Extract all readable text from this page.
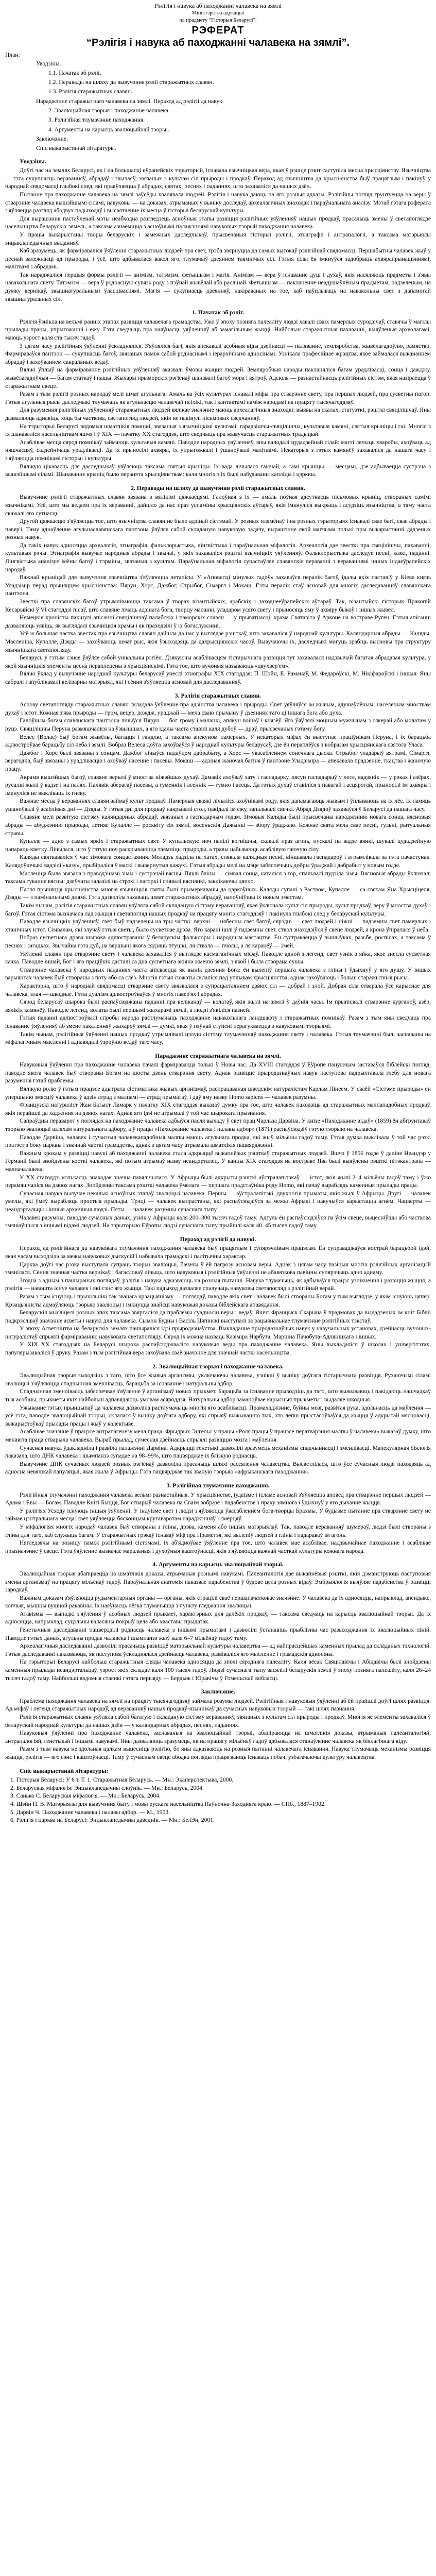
Рэлігія і навука аб паходжанні чалавека на зямлі

Міністэрства адукацыі

па прадмету "Гісторыя Беларусі".

РЭФЕРАТ

“Рэлігія і навука аб паходжанні чалавека на зямлі”.

План:

Уводзіны.

1.1. Пачатак эб рэліг.

1.2. Перавады на шляху да вывучэння рэліі старажытных славян.

1.3. Рэлігія старажытных славян.

Нараджэнне старажытнаго чалавека на зямлі. Пераход ад рэлігіі да навук.

2. Эвалюцыйная тэорыя і паходжанне чалавека.

3. Рэлігійная тлумачэнне паходжання.

4. Аргументы на карысць эвалюцыйнай тэорыі.

Заключэнне.

Спіс выкарыстанай літаратуры.

Уводзіны.

Доўгі час на землях Беларусі, як і на большасці еўрапейскіх тэрыторый, існавала язычніцкая вера, якая ў рэшце рэшт саступіла месца хрысціянству. Язычніцтва — гэта сукупнасць вераванняў, абрадаў і звычаяў, звязаных з культам сіл прыроды і продкаў. Пераход ад язычніцтва да хрысціянства быў працяглым і пакінуў у народнай свядомасці глыбокі след, які праяўляецца ў абрадах, святах, песнях і паданнях, што захаваліся да нашых дзён.

Пытанне пра паходжанне чалавека на зямлі заўсёды хвалявала людзей. Рэлігія і навука даюць на яго розныя адказы. Рэлігійны погляд грунтуецца на веры ў стварэнне чалавека вышэйшымі сіламі, навуковы — на доказах, атрыманых у выніку доследаў, археалагічных знаходак і параўнальнага аналізу. Мэтай гэтага рэферата з'яўляецца разгляд абодвух падыходаў і высвятленне іх месца ў гісторыі беларускай культуры.

Для вырашэння пастаўленай мэты неабходна разгледзець асноўныя этапы развіцця рэлігійных уяўленняў нашых продкаў, прасачыць змены ў светапоглядзе насельніцтва беларускіх зямель, а таксама азнаёміцца з асноўнымі палажэннямі навуковых тэорый паходжання чалавека.

У працы выкарыстаны творы беларускіх і замежных даследчыкаў, прысвечаныя гісторыі рэлігіі, этнаграфіі і антрапалогіі, а таксама матэрыялы энцыклапедычных выданняў.

Каб зразумець, як фарміраваліся ўяўленні старажытных людзей пра свет, трэба звярнуцца да самых вытокаў рэлігійнай свядомасці. Першабытны чалавек жыў у цеснай залежнасці ад прыроды, і ўсё, што адбывалася вакол яго, тлумачыў дзеяннем таямнічых сіл. Гэтыя сілы ён імкнуўся задобрыць ахвярапрынашэннямі, малітвамі і абрадамі.

Так нараджаліся першыя формы рэлігіі — анімізм, татэмізм, фетышызм і магія. Анімізм — вера ў існаванне душ і духаў, якія насяляюць прадметы і з'явы навакольнага свету. Татэмізм — вера ў роднасную сувязь роду з пэўнай жывёлай або раслінай. Фетышызм — пакланенне неадушаўлёным прадметам, надзеленым, на думку вернікаў, звышнатуральнымі ўласцівасцямі. Магія — сукупнасць дзеянняў, накіраваных на тое, каб паўплываць на навакольны свет з дапамогай звышнатуральных сіл.

1. Пачатак эб рэліг.

Рэлігія ўзнікла на вельмі ранніх этапах развіцця чалавечага грамадства. Ужо ў эпоху позняга палеаліту людзі хавалі сваіх памерлых суродзічаў, ставячы ў магілы прылады працы, упрыгожанні і ежу. Гэта сведчыць пра наяўнасць уяўленняў аб замагільным жыцці. Найбольш старажытныя пахаванні, выяўленыя археолагамі, маюць узрост каля ста тысяч гадоў.

З цягам часу рэлігійныя ўяўленні ўскладняліся. З'яўляліся багі, якія апекавалі асобныя віды дзейнасці — паляванне, земляробства, жывёлагадоўлю, рамяство. Фарміраваўся пантэон — сукупнасць багоў, звязаных паміж сабой роднаснымі і іерархічнымі адносінамі. Узнікала прафесійнае жрэцтва, якое займалася выкананнем абрадаў і захоўваннем сакральных ведаў.

Вялікі ўплыў на фарміраванне рэлігійных уяўленняў аказвалі ўмовы жыцця людзей. Земляробчыя народы пакланяліся багам урадлівасці, сонца і дажджу, жывёлагадоўчыя — багам статкаў і пашы. Жыхары прыморскіх рэгіёнаў шанавалі багоў мора і вятроў. Адсюль — разнастайнасць рэлігійных сістэм, якая назіраецца ў старажытным свеце.

Разам з тым рэлігіі розных народаў мелі шмат агульнага. Амаль ва ўсіх культурах існавалі міфы пра стварэнне свету, пра першых людзей, пра сусветны патоп. Гэтыя агульныя рысы даследчыкі тлумачаць як агульнасцю чалавечай псіхікі, так і кантактамі паміж народамі на працягу тысячагоддзяў.

Для разумення рэлігійных уяўленняў старажытных людзей вялікае значэнне маюць археалагічныя знаходкі: выявы на скалах, статуэткі, рэшткі свяцілішчаў. Яны дазваляюць аднавіць, хоць бы часткова, светапогляд людзей, якія не пакінулі пісьмовых сведчанняў.

На тэрыторыі Беларусі вядомыя шматлікія помнікі, звязаныя з язычніцкімі культамі: гарадзішчы-свяцілішчы, культавыя камяні, святыя крыніцы і гаі. Многія з іх шанаваліся насельніцтвам яшчэ і ў ХІХ — пачатку ХХ стагоддзя, што сведчыць пра жывучасць старажытных традыцый.

Асаблівае месца сярод помнікаў займаюць культавыя камяні. Паводле народных уяўленняў, яны валодалі цудадзейнай сілай: маглі лячыць хваробы, ахоўваць ад няшчасцяў, садзейнічаць урадлівасці. Да іх прыносілі ахвяры, іх упрыгожвалі і ўшаноўвалі малітвамі. Некаторыя з гэтых камянёў захаваліся да нашага часу і з'яўляюцца помнікамі гісторыі і культуры.

Вялікую цікавасць для даследчыкаў уяўляюць таксама святыя крыніцы. Іх вада лічылася гаючай, а самі крыніцы — месцамі, дзе адбываецца сустрэча з вышэйшымі сіламі. Шанаванне крыніц было перанята хрысціянствам: каля многіх з іх былі пабудаваны капліцы і цэрквы.

2. Перавады на шляху да вывучэння рэліі старажытных славян.

Вывучэнне рэлігіі старажытных славян звязана з вялікімі цяжкасцямі. Галоўная з іх — амаль поўная адсутнасць пісьмовых крыніц, створаных самімі язычнікамі. Усё, што мы ведаем пра іх вераванні, дайшло да нас праз успаміны хрысціянскіх аўтараў, якія імкнуліся выкрыць і асудзіць язычніцтва, а таму часта скажалі яго сутнасць.

Другой цяжкасцю з'яўляецца тое, што язычніцтва славян не было адзінай сістэмай. У розных плямёнаў і на розных тэрыторыях існавалі свае багі, свае абрады і павер'і. Таму аднаўленне агульнаславянскага пантэона ўяўляе сабой складаную навуковую задачу, вырашэнне якой магчыма толькі пры выкарыстанні дадзеных розных навук.

Да такіх навук адносяцца археалогія, этнаграфія, фальклорыстыка, лінгвістыка і параўнальная міфалогія. Археалогія дае звесткі пра свяцілішчы, пахаванні, культавыя рэчы. Этнаграфія вывучае народныя абрады і звычаі, у якіх захаваліся рэшткі язычніцкіх уяўленняў. Фальклорыстыка даследуе песні, казкі, паданні. Лінгвістыка аналізуе імёны багоў і тэрміны, звязаныя з культам. Параўнальная міфалогія супастаўляе славянскія вераванні з вераваннямі іншых індаеўрапейскіх народаў.

Важнай крыніцай для вывучэння язычніцтва з'яўляюцца летапісы. У «Аповесці мінулых гадоў» захаваўся пералік багоў, ідалы якіх паставіў у Кіеве князь Уладзімір перад прыняццем хрысціянства: Пярун, Хорс, Дажбог, Стрыбог, Сімаргл і Мокаш. Гэты пералік стаў асновай для многіх даследаванняў славянскага пантэона.

Звесткі пра славянскіх багоў утрымліваюцца таксама ў творах візантыйскіх, арабскіх і заходнееўрапейскіх аўтараў. Так, візантыйскі гісторык Пракопій Кесарыйскі ў VI стагоддзі пісаў, што славяне лічаць адзінага бога, творцу маланкі, уладаром усяго свету і прыносяць яму ў ахвяру быкоў і іншых жывёл.

Нямецкія хроністы пакінулі апісанні свяцілішчаў палабскіх і паморскіх славян — у прыватнасці, храма Святавіта ў Арконе на востраве Руген. Гэтыя апісанні дазваляюць уявіць, як выглядалі язычніцкія храмы і як праходзілі ў іх богаслужэнні.

Усё ж большая частка звестак пра язычніцтва славян дайшла да нас у выглядзе рэшткаў, што захаваліся ў народнай культуры. Каляндарныя абрады — Каляды, Масленіца, Купалле, Дзяды — захоўваюць шмат рыс, якія ўзыходзяць да дахрысціянскіх часоў. Вывучаючы іх, даследчыкі могуць зрабіць высновы пра структуру язычніцкага светапогляду.

Беларусь у гэтым сэнсе ўяўляе сабой унікальны рэгіён. Дзякуючы асаблівасцям гістарычнага развіцця тут захавалася надзвычай багатая абрадавая культура, у якой язычніцкія элементы цесна пераплецены з хрысціянскімі. Гэта тое, што вучоныя называюць «двухвер'ем».

Вялікі ўклад у вывучэнне народнай культуры беларусаў унеслі этнографы ХІХ стагоддзя: П. Шэйн, Е. Раманаў, М. Федароўскі, М. Нікіфароўскі і іншыя. Яны сабралі і апублікавалі велізарны матэрыял, які і сёння з'яўляецца асновай для даследаванняў.

3. Рэлігія старажытных славян.

Аснову светапогляду старажытных славян складала ўяўленне пра адзінства чалавека і прыроды. Свет уяўляўся ім жывым, адушаўлёным, населеным мноствам духаў і істот. Кожная з'ява прыроды — гром, вецер, дождж, ураджай — мела сваю прычыну ў дзеяннях таго ці іншага бога або духа.

Галоўным богам славянскага пантэона лічыўся Пярун — бог грому і маланкі, апякун воінаў і князёў. Яго ўяўлялі моцным мужчынам з сякерай або молатам у руцэ. Свяцілішчы Перуна размяшчаліся на ўзвышшах, а яго ідалы часта ставілі каля дубоў — дрэў, прысвечаных гэтаму богу.

Велес (Волас) быў богам жывёлы, багацця і гандлю, а таксама апекуном памерлых. У некаторых міфах ён выступае праціўнікам Перуна, і іх барацьба адлюстроўвае барацьбу сіл неба і зямлі. Вобраз Велеса доўга захоўваўся ў народнай культуры беларусаў, дзе ён пераплёўся з вобразам хрысціянскага святога Уласа.

Дажбог і Хорс былі звязаны з сонцам. Дажбог лічыўся падаўцом дабрабыту, а Хорс — увасабленнем сонечнага дыска. Стрыбог уладарыў вятрамі, Сімаргл, верагодна, быў звязаны з урадлівасцю і ахоўваў насенне і пасевы. Мокаш — адзіная жаночая багіня ў пантэоне Уладзіміра — апекавала прадзенне, ткацтва і жаночую працу.

Акрамя вышэйшых багоў, славяне верылі ў мноства ніжэйшых духаў. Дамавік ахоўваў хату і гаспадарку, лясун гаспадарыў у лесе, вадзянік — у рэках і азёрах, русалкі жылі ў вадзе і на палях. Палявік аберагаў пасевы, а гуменнік і асеннік — гумно і асець. Да гэтых духаў ставіліся з павагай і асцярогай, прыносілі ім ахвяры і імкнуліся не выклікаць іх гневу.

Важнае месца ў вераваннях славян займаў культ продкаў. Памерлыя сваякі лічыліся ахоўнікамі роду, якія дапамагаюць жывым і ўплываюць на іх лёс. Іх памяць ушаноўвалі ў асаблівыя дні — Дзяды. У гэтыя дні для продкаў накрывалі стол, пакідалі ім ежу, запальвалі свечкі. Абрад Дзядоў захаваўся ў Беларусі да нашага часу.

Славяне мелі развітую сістэму каляндарных абрадаў, звязаных з гаспадарчым годам. Зімовыя Каляды былі прысвечаны нараджэнню новага сонца, вясновыя абрады — абуджэнню прыроды, летняе Купалле — росквіту сіл зямлі, восеньскія Дажынкі — збору ўраджаю. Кожнае свята мела свае песні, гульні, рытуальныя стравы.

Купалле — адно з самых яркіх і старажытных свят. У купальскую ноч палілі вогнішчы, скакалі праз агонь, пускалі па вадзе вянкі, шукалі цудадзейную папараць-кветку. Лічылася, што ў гэтую ноч раскрываюцца таямніцы прыроды, а травы набываюць асаблівую гаючую сілу.

Каляды святкаваліся ў час зімовага сонцастаяння. Моладзь хадзіла па хатах, спявала калядныя песні, віншавала гаспадароў і атрымлівала за гэта пачастунак. Калядоўшчыкі вадзілі «казу», прыбіраліся ў маскі і вывернутыя кажухі. Гэтыя абрады мелі на мэце забяспечыць добры ўраджай і дабрабыт у новым годзе.

Масленіца была звязана з праводзінамі зімы і сустрэчай вясны. Пяклі бліны — сімвал сонца, каталіся з гор, спальвалі пудзіла зімы. Вясновыя абрады ўключалі таксама гуканне вясны: дзяўчаты залазілі на стрэхі і пагоркі і спявалі вяснянкі, заклікаючы цяпло.

Пасля прыняцця хрысціянства многія язычніцкія святы былі прымеркаваны да царкоўных. Каляды супалі з Раством, Купалле — са святам Яна Хрысціцеля, Дзяды — з памінальнымі днямі. Гэта дазволіла захаваць шмат старажытных абрадаў, напоўніўшы іх новым зместам.

Такім чынам, рэлігія старажытных славян уяўляла сабой складаную сістэму вераванняў, якая ўключала культ сіл прыроды, культ продкаў, веру ў мноства духаў і багоў. Гэтая сістэма вызначала лад жыцця і светапогляд нашых продкаў на працягу многіх стагоддзяў і пакінула глыбокі след у беларускай культуры.

Паводле язычніцкіх уяўленняў, свет быў падзелены на тры часткі: верхні — нябесны свет багоў, сярэдні — свет людзей і ніжні — падземны свет памерлых і хтанічных істот. Сімвалам, які злучаў гэтыя светы, было сусветнае дрэва. Яго карані ішлі ў падземны свет, ствол знаходзіўся ў свеце людзей, а крона ўпіралася ў неба.

Вобраз сусветнага дрэва шырока адлюстраваны ў беларускім фальклоры і народным мастацтве. Ён сустракаецца ў вышыўках, разьбе, роспісах, а таксама ў песнях і загадках. Звычайна гэта дуб, на вяршыні якога сядзяць птушкі, ля ствала — пчолы, а ля каранёў — змей.

Уяўленні славян пра стварэнне свету і чалавека захаваліся ў выглядзе касмаганічных міфаў. Паводле адной з легенд, свет узнік з яйка, якое знесла сусветная качка. Паводле іншай, Бог і яго праціўнік дасталі са дна сусветнага акіяна жменю зямлі, з якой і была створана сушы.

Стварэнне чалавека ў народных паданнях часта апісваецца як вынік дзеяння Бога: ён вылепіў першага чалавека з гліны і ўдыхнуў у яго душу. У іншых варыянтах чалавек быў створаны з поту або са слёз. Многія гэтыя сюжэты склаліся пад уплывам хрысціянства, аднак захоўваюць і больш старажытныя рысы.

Характэрна, што ў народнай свядомасці стварэнне свету звязвалася з супрацьстаяннем дзвюх сіл — добрай і злой. Добрая сіла стварала ўсё карыснае для чалавека, злая — шкоднае. Гэты дуалізм адлюстроўваўся ў многіх павер'ях і абрадах.

Сярод беларусаў шырока былі распаўсюджаны паданні пра веліканаў — волатаў, якія жылі на зямлі ў даўнія часы. Ім прыпісвалі стварэнне курганоў, азёр, вялікіх камянёў. Паводле легенд, волаты былі першымі жыхарамі зямлі, а людзі з'явіліся пазней.

Гэтыя паданні адлюстроўвалі спробы народа растлумачыць паходжанне навакольнага ландшафту і старажытных помнікаў. Разам з тым яны сведчаць пра існаванне ўяўленняў аб змене пакаленняў жыхароў зямлі — думкі, якая ў пэўнай ступені перагукваецца з навуковымі тэорыямі.

Такім чынам, рэлігійныя ўяўленні нашых продкаў утрымлівалі цэлую сістэму тлумачэнняў паходжання свету і чалавека. Гэтыя тлумачэнні былі заснаваны на міфалагічным мысленні і адпавядалі ўзроўню ведаў таго часу.

Нараджэнне старажытнага чалавека на зямлі.

Навуковыя ўяўленні пра паходжанне чалавека пачалі фарміравацца толькі ў Новы час. Да ХVІІІ стагоддзя ў Еўропе пануючым заставаўся біблейскі погляд, паводле якога чалавек быў створаны Богам на шосты дзень стварэння свету. Аднак развіццё прыродазнаўчых навук паступова падрыхтавала глебу для новага разумення гэтай праблемы.

Вялікую ролю ў гэтым працэсе адыграла сістэматыка жывых арганізмаў, распрацаваная шведскім натуралістам Карлам Лінеем. У сваёй «Сістэме прыроды» ён упершыню змясціў чалавека ў адзін атрад з малпамі — атрад прыматаў, і даў яму назву Homo sapiens — чалавек разумны.

Французскі натураліст Жан Батыст Ламарк у пачатку ХІХ стагоддзя выказаў думку пра тое, што чалавек паходзіць ад старажытных малпападобных продкаў, якія перайшлі да хаджэння на дзвюх нагах. Аднак яго ідэі не атрымалі ў той час шырокага прызнання.

Сапраўдны пераварот у поглядах на паходжанне чалавека адбыўся пасля выхаду ў свет прац Чарльза Дарвіна. У кнізе «Паходжанне відаў» (1859) ён абгрунтаваў тэорыю эвалюцыі шляхам натуральнага адбору, а ў працы «Паходжанне чалавека і палавы адбор» (1871) распаўсюдзіў гэтую тэорыю на чалавека.

Паводле Дарвіна, чалавек і сучасныя чалавекападобныя малпы маюць агульнага продка, які жыў мільёны гадоў таму. Гэтая думка выклікала ў той час рэзкі пратэст з боку царквы і значнай часткі грамадства, аднак з цягам часу атрымала шматлікія пацвярджэнні.

Важным крокам у развіцці навукі аб паходжанні чалавека стала адкрыццё выкапнёвых рэшткаў старажытных людзей. Яшчэ ў 1856 годзе ў даліне Неандэр у Германіі былі знойдзены косткі чалавека, які потым атрымаў назву неандэрталец. У канцы ХІХ стагоддзя на востраве Ява былі выяўлены рэшткі пітэкантрапа — малпачалавека.

У ХХ стагоддзі колькасць знаходак значна павялічылася. У Афрыцы былі адкрыты рэшткі аўстралапітэкаў — істот, якія жылі 2–4 мільёны гадоў таму і ўжо перамяшчаліся на дзвюх нагах. Знойдзены таксама рэшткі чалавека ўмелага — першага прадстаўніка роду Homo, які пачаў выраблядь каменныя прылады працы.

Сучасная навука вылучае некалькі асноўных этапаў эвалюцыі чалавека. Першы — аўстралапітэкі, двухногія прыматы, якія жылі ў Афрыцы. Другі — чалавек умелы, які ўмеў вырабляць простыя прылады. Трэці — чалавек выпрастаны, які распаўсюдзіўся за межы Афрыкі і навучыўся карыстацца агнём. Чацвёрты — неандэртальцы і іншыя архаічныя людзі. Пяты — чалавек разумны сучаснага тыпу.

Чалавек разумны, паводле сучасных даных, узнік у Афрыцы каля 200–300 тысяч гадоў таму. Адтуль ён распаўсюдзіўся па ўсім свеце, выцесніўшы або часткова змяшаўшыся з іншымі відамі людзей. На тэрыторыю Еўропы людзі сучаснага тыпу прыйшлі каля 40–45 тысяч гадоў таму.

Пераход ад рэлігіі да навукі.

Пераход ад рэлігійнага да навуковага тлумачэння паходжання чалавека быў працяглым і супярэчлівым працэсам. Ён суправаджаўся вострай барацьбой ідэй, якая часам выходзіла за межы навуковых дыскусій і набывала грамадскі і палітычны характар.

Царква доўгі час рэзка выступала супраць тэорыі эвалюцыі, бачачы ў ёй пагрозу асновам веры. Аднак з цягам часу пазіцыя многіх рэлігійных арганізацый змянілася. Сёння значная частка вернікаў і багасловаў лічыць, што навуковыя і рэлігійныя ўяўленні не абавязкова павінны супярэчыць адно аднаму.

Згодна з адным з пашыраных поглядаў, рэлігія і навука адказваюць на розныя пытанні. Навука тлумачыць, як адбываўся працэс узнікнення і развіцця жыцця, а рэлігія — навошта існуе чалавек і які сэнс яго жыцця. Такі падыход дазваляе спалучаць навуковы светапогляд з рэлігійнай верай.

Разам з тым існуюць і прыхільнікі так званага крэацыянізму — поглядаў, паводле якіх свет і чалавек былі створаны Богам у тым выглядзе, у якім існуюць цяпер. Крэацыяністы адмаўляюць тэорыю эвалюцыі і імкнуцца знайсці навуковыя доказы біблейскага апавядання.

Беларускія мысліцелі розных эпох таксама звярталіся да праблемы суадносін веры і ведаў. Яшчэ Францыск Скарына ў прадмовах да выдадзеных ім кніг Бібліі падкрэсліваў значэнне асветы і навукі для чалавека. Сымон Будны і Васіль Цяпінскі выступалі за рацыянальнае тлумачэнне рэлігійных тэкстаў.

У эпоху Асветніцтва на беларускіх землях пашыраліся ідэі прыродазнаўства. Выкладанне прыродазнаўчых навук у навучальных установах, дзейнасць вучоных-натуралістаў спрыялі фарміраванню навуковага светапогляду. Сярод іх можна назваць Казіміра Нарбута, Марціна Пачобута-Адляніцкага і іншых.

У ХІХ–ХХ стагоддзях на Беларусі шырока распаўсюджваліся навуковыя веды пра паходжанне чалавека. Яны выкладаліся ў школах і універсітэтах, папулярызаваліся ў друку. Разам з тым рэлігійная вера захоўвала сваё значэнне для значнай часткі насельніцтва.

2. Эвалюцыйная тэорыя і паходжанне чалавека.

Эвалюцыйная тэорыя зыходзіць з таго, што ўсе жывыя арганізмы, уключаючы чалавека, узніклі ў выніку доўгага гістарычнага развіцця. Рухаючымі сіламі эвалюцыі з'яўляюцца спадчынная зменлівасць, барацьба за існаванне і натуральны адбор.

Спадчынная зменлівасць забяспечвае з'яўленне ў арганізмаў новых прыкмет. Барацьба за існаванне прыводзіць да таго, што выжываюць і пакідаюць нашчадкаў тыя асобіны, прыкметы якіх найбольш адпавядаюць умовам асяроддзя. Натуральны адбор замацоўвае карысныя прыкметы і выдаляе шкодныя.

Ужыванне гэтых прынцыпаў да чалавека дазволіла растлумачыць многія яго асаблівасці. Прамахаджэнне, буйны мозг, развітая рука, здольнасць да маўлення — усё гэта, паводле эвалюцыйнай тэорыі, склалася ў выніку доўгага адбору, які спрыяў выжыванню тых, хто лепш прыстасоўваўся да жыцця ў адкрытай мясцовасці, выкарыстоўваў прылады працы і жыў у калектыве.

Асаблівае значэнне ў працэсе антрапагенезу мела праца. Фрыдрых Энгельс у працы «Роля працы ў працэсе ператварэння малпы ў чалавека» выказаў думку, што менавіта праца стварыла чалавека. Выраб прылад, сумесная дзейнасць спрыялі развіццю мозга і маўлення.

Сучасная навука ўдакладніла і развіла палажэнні Дарвіна. Адкрыцці генетыкі дазволілі зразумець механізмы спадчыннасці і зменлівасці. Малекулярная біялогія паказала, што ДНК чалавека і шымпанзэ супадае на 98–99%, што пацвярджае іх блізкую роднасць.

Вывучэнне ДНК сучасных людзей розных рэгіёнаў дазволіла прасачыць шляхі рассялення чалавецтва. Высветлілася, што ўсе сучасныя людзі паходзяць ад адносна невялікай папуляцыі, якая жыла ў Афрыцы. Гэта пацвярджае так званую тэорыю «афрыканскага паходжання».

3. Рэлігійная тлумачэнне паходжання.

Рэлігійныя тлумачэнні паходжання чалавека вельмі разнастайныя. У хрысціянстве, іудаізме і ісламе асновай з'яўляецца аповед пра стварэнне першых людзей — Адама і Евы — Богам. Паводле Кнігі Быцця, Бог стварыў чалавека па Сваім вобразе і падабенстве з праху зямнога і ўдыхнуў у яго дыханне жыцця.

У рэлігіях Усходу існуюць іншыя ўяўленні. У індуізме свет і людзі з'яўляюцца ўвасабленнем бога-творцы Брахмы. У будызме пытанне пра стварэнне свету не займае цэнтральнага месца: свет уяўляецца бясконцым кругаваротам нараджэнняў і смерцяў.

У міфалогіях многіх народаў чалавек быў створаны з гліны, дрэва, каменя або іншых матэрыялаў. Так, паводле вераванняў шумераў, людзі былі створаны з гліны для таго, каб служыць багам. У старажытных грэкаў існаваў міф пра Праметэя, які вылепіў людзей з гліны і падараваў ім агонь.

Нягледзячы на розніцу паміж рэлігійнымі сістэмамі, іх аб'ядноўвае ўяўленне пра тое, што чалавек мае асаблівае, надзвычайнае паходжанне і асаблівае прызначэнне ў свеце. Гэта ўяўленне вызначае маральныя і духоўныя каштоўнасці, якія з'яўляюцца важнай часткай культуры кожнага народа.

4. Аргументы на карысць эвалюцыйнай тэорыі.

Эвалюцыйная тэорыя абапіраецца на шматлікія доказы, атрыманыя рознымі навукамі. Палеанталогія дае выкапнёвыя рэшткі, якія дэманструюць паступовыя змены арганізмаў на працягу мільёнаў гадоў. Параўнальная анатомія паказвае падабенства ў будове цела розных відаў. Эмбрыялогія выяўляе падабенства ў развіцці зародкаў.

Важным доказам з'яўляюцца рудыментарныя органы — органы, якія страцілі сваё першапачатковае значэнне. У чалавека да іх адносяцца, напрыклад, апендыкс, копчык, мышцы вушной ракавіны. Іх наяўнасць лёгка тлумачыцца з пункту гледжання эвалюцыі.

Атавізмы — выпадкі з'яўлення ў асобных людзей прыкмет, характэрных для далёкіх продкаў, — таксама сведчаць на карысць эвалюцыйнай тэорыі. Да іх адносяцца, напрыклад, суцэльны валасяны покрыў цела або хваставы прыдатак.

Генетычныя даследаванні пацвердзілі роднасць чалавека з іншымі прыматамі і дазволілі ўстанавіць прыблізны час разыходжання іх эвалюцыйных ліній. Паводле гэтых даных, агульны продак чалавека і шымпанзэ жыў каля 6–7 мільёнаў гадоў таму.

Археалагічныя даследаванні дазволілі прасачыць развіццё матэрыяльнай культуры чалавецтва — ад найпрасцейшых каменных прылад да складаных тэхналогій. Гэтыя даследаванні паказваюць, як паступова ўскладнялася дзейнасць чалавека, развіваліся яго мысленне і грамадскія адносіны.

На тэрыторыі Беларусі найбольш старажытныя сляды чалавека адносяцца да эпохі сярэдняга палеаліту. Каля вёсак Свяцілавічы і Абідавічы былі знойдзены каменныя прылады неандэртальцаў, узрост якіх складае каля 100 тысяч гадоў. Людзі сучаснага тыпу засялілі беларускія землі ў эпоху позняга палеаліту, каля 26–24 тысяч гадоў таму. Найбольш вядомыя стаянкі гэтага перыяду — Бердыж і Юравічы ў Гомельскай вобласці.

Заключэнне.

Праблема паходжання чалавека на зямлі на працягу тысячагоддзяў займала розумы людзей. Рэлігійныя і навуковыя ўяўленні аб ёй прайшлі доўгі шлях развіцця. Ад міфаў і легенд старажытных народаў, ад вераванняў нашых продкаў-язычнікаў да сучасных навуковых тэорый — такі шлях пазнання.

Рэлігія старажытных славян уяўляла сабой багатую і складаную сістэму вераванняў, звязаных з культам сіл прыроды і продкаў. Многія яе элементы захаваліся ў беларускай народнай культуры да нашых дзён — у каляндарных абрадах, песнях, паданнях.

Навуковыя ўяўленні пра паходжанне чалавека, заснаваныя на эвалюцыйнай тэорыі, абапіраюцца на шматлікія доказы, атрыманыя палеанталогіяй, антрапалогіяй, генетыкай і іншымі навукамі. Яны дазваляюць зразумець, як на працягу мільёнаў гадоў адбывалася станаўленне чалавека як біялагічнага віду.

Разам з тым навука не здольная цалкам выцесніць рэлігію, бо яны адказваюць на розныя пытанні чалавечага існавання. Навука тлумачыць механізмы развіцця жыцця, рэлігія — яго сэнс і каштоўнасці. Таму ў сучасным свеце абодва погляды працягваюць існаваць побач, узбагачаючы культуру чалавецтва.

Спіс выкарыстанай літаратуры:

1. Гісторыя Беларусі: У 6 т. Т. 1. Старажытная Беларусь. — Мн.: Экаперспектыва, 2000.

2. Беларуская міфалогія: Энцыклапедычны слоўнік. — Мн.: Беларусь, 2004.

3. Санько С. Беларуская міфалогія. — Мн.: Беларусь, 2004.

4. Шэйн П. В. Матэрыялы для вывучэння быту і мовы рускага насельніцтва Паўночна-Заходняга краю. — СПб., 1887–1902.

5. Дарвін Ч. Паходжанне чалавека і палавы адбор. — М., 1953.

6. Рэлігія і царква на Беларусі: Энцыклапедычны даведнік. — Мн.: БелЭн, 2001.
